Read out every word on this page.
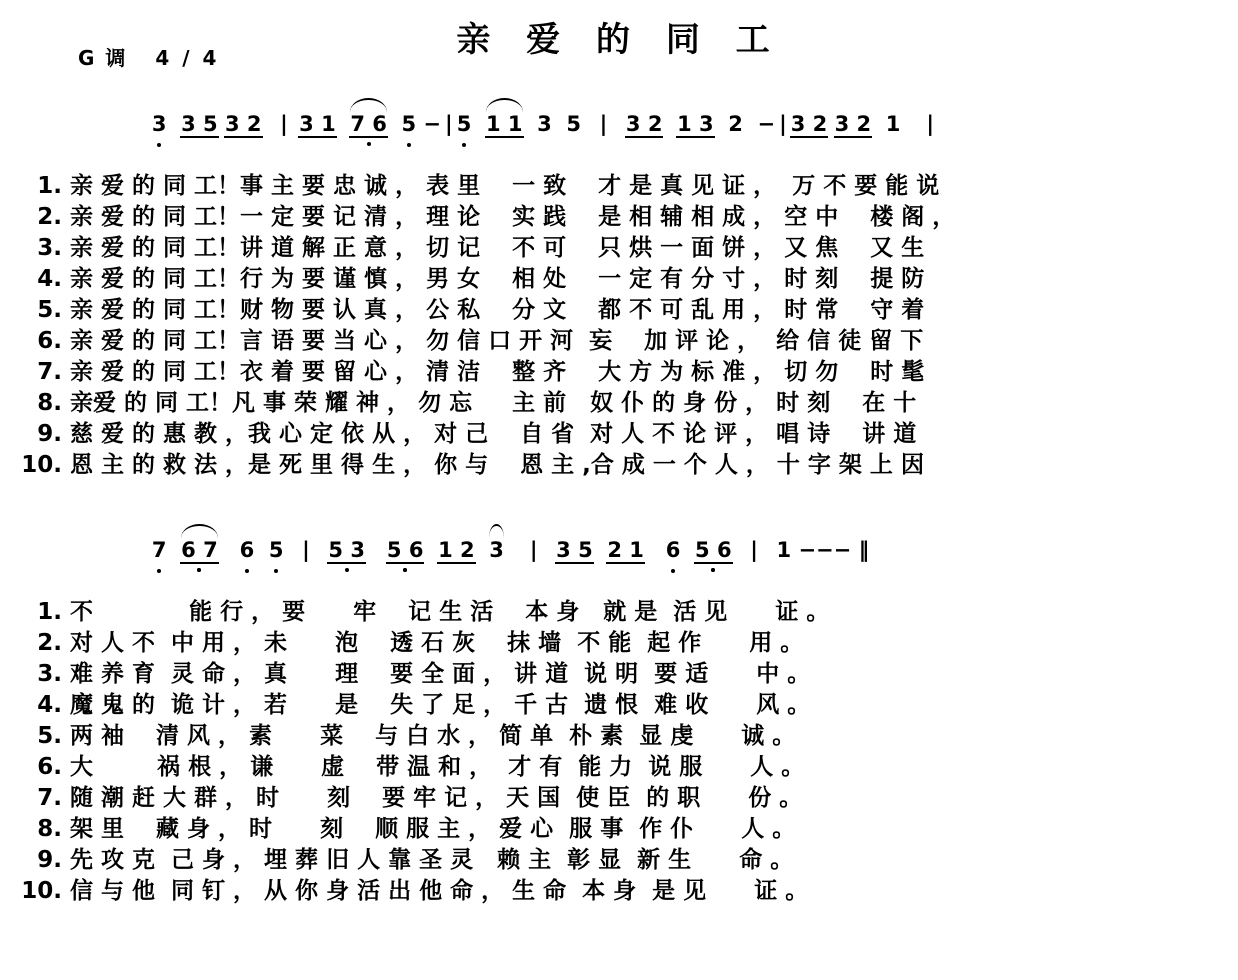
亲 爱 的 同 工
G 调 4 / 4

3 3 5 3 2 | 3 1 7 6 5 − | 5 1 1  3  5  | 3 2 1 3  2  − | 3 2 3 2  1   |

1. 亲 爱 的 同 工！事 主 要 忠 诚 ， 表 里    一 致    才 是 真 见 证 ，  万 不 要 能 说
2. 亲 爱 的 同 工！一 定 要 记 清 ， 理 论    实 践    是 相 辅 相 成 ， 空 中    楼 阁 ，
3. 亲 爱 的 同 工！讲 道 解 正 意 ， 切 记    不 可    只 烘 一 面 饼 ， 又 焦    又 生
4. 亲 爱 的 同 工！行 为 要 谨 慎 ， 男 女    相 处    一 定 有 分 寸 ， 时 刻    提 防
5. 亲 爱 的 同 工！财 物 要 认 真 ， 公 私    分 文    都 不 可 乱 用 ， 时 常    守 着
6. 亲 爱 的 同 工！言 语 要 当 心 ， 勿 信 口 开 河  妄    加 评 论 ，  给 信 徒 留 下
7. 亲 爱 的 同 工！衣 着 要 留 心 ， 清 洁    整 齐    大 方 为 标 准 ， 切 勿    时 髦
8. 亲爱 的 同 工！凡 事 荣 耀 神 ， 勿 忘     主 前   奴 仆 的 身 份 ， 时 刻    在 十
9. 慈 爱 的 惠 教 ，我 心 定 依 从 ， 对 己    自 省  对 人 不 论 评 ， 唱 诗    讲 道
10. 恩 主 的 救 法 ，是 死 里 得 生 ， 你 与    恩 主 ,合 成 一 个 人 ， 十 字 架 上 因

7 6 7 6 5 | 5 3 5 6 1 2 3 | 3 5 2 1 6 5 6 |  1 −−− ‖

1. 不            能 行 ， 要      牢    记 生 活    本 身   就 是  活 见      证 。
2. 对 人 不  中 用 ， 未      泡    透 石 灰    抹 墙  不 能  起 作      用 。
3. 难 养 育  灵 命 ， 真      理    要 全 面 ， 讲 道  说 明  要 适      中 。
4. 魔 鬼 的  诡 计 ， 若      是    失 了 足 ， 千 古  遗 恨  难 收      风 。
5. 两 袖    清 风 ， 素      菜    与 白 水 ， 简 单  朴 素  显 虔      诚 。
6. 大        祸 根 ， 谦      虚    带 温 和 ，  才 有  能 力  说 服      人 。
7. 随 潮 赶 大 群 ， 时      刻    要 牢 记 ， 天 国  使 臣  的 职      份 。
8. 架 里    藏 身 ， 时      刻    顺 服 主 ， 爱 心  服 事  作 仆      人 。
9. 先 攻 克  己 身 ， 埋 葬 旧 人 靠 圣 灵   赖 主  彰 显  新 生      命 。
10. 信 与 他  同 钉 ， 从 你 身 活 出 他 命 ， 生 命  本 身  是 见      证 。
